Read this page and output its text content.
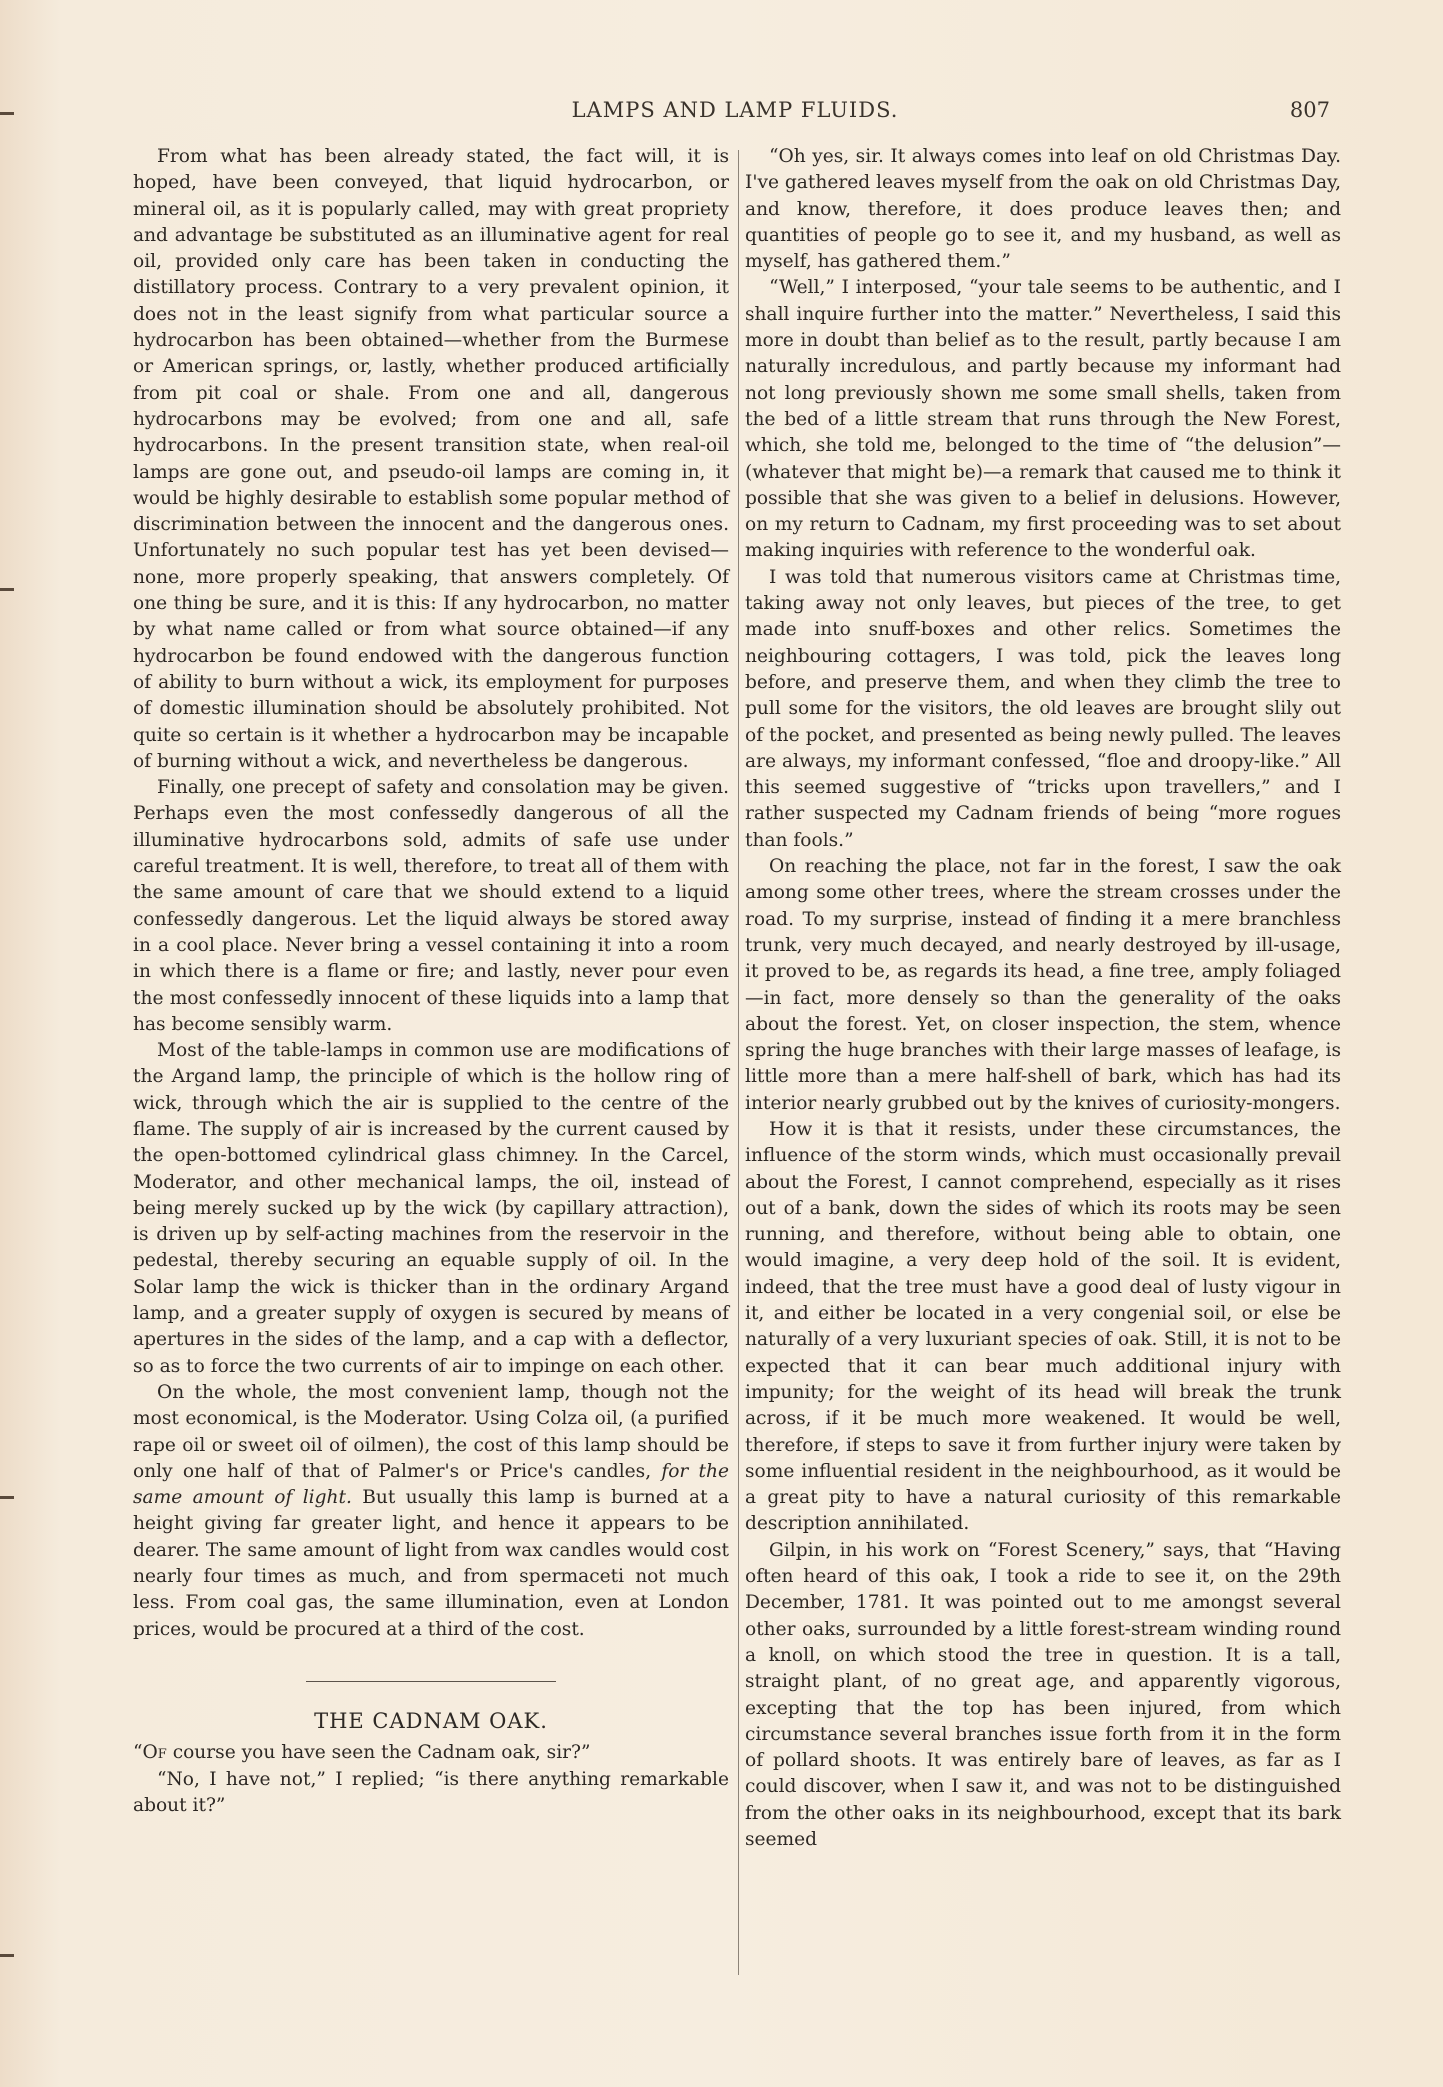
LAMPS AND LAMP FLUIDS.	807

From what has been already stated, the fact will, it is hoped, have been conveyed, that liquid hydrocarbon, or mineral oil, as it is popularly called, may with great propriety and advantage be substituted as an illuminative agent for real oil, provided only care has been taken in conducting the distillatory process. Contrary to a very prevalent opinion, it does not in the least signify from what particular source a hydrocarbon has been obtained—whether from the Burmese or American springs, or, lastly, whether produced artificially from pit coal or shale. From one and all, dangerous hydrocarbons may be evolved; from one and all, safe hydrocarbons. In the present transition state, when real-oil lamps are gone out, and pseudo-oil lamps are coming in, it would be highly desirable to establish some popular method of discrimination between the innocent and the dangerous ones. Unfortunately no such popular test has yet been devised—none, more properly speaking, that answers completely. Of one thing be sure, and it is this: If any hydrocarbon, no matter by what name called or from what source obtained—if any hydrocarbon be found endowed with the dangerous function of ability to burn without a wick, its employment for purposes of domestic illumination should be absolutely prohibited. Not quite so certain is it whether a hydrocarbon may be incapable of burning without a wick, and nevertheless be dangerous.

Finally, one precept of safety and consolation may be given. Perhaps even the most confessedly dangerous of all the illuminative hydrocarbons sold, admits of safe use under careful treatment. It is well, therefore, to treat all of them with the same amount of care that we should extend to a liquid confessedly dangerous. Let the liquid always be stored away in a cool place. Never bring a vessel containing it into a room in which there is a flame or fire; and lastly, never pour even the most confessedly innocent of these liquids into a lamp that has become sensibly warm.

Most of the table-lamps in common use are modifications of the Argand lamp, the principle of which is the hollow ring of wick, through which the air is supplied to the centre of the flame. The supply of air is increased by the current caused by the open-bottomed cylindrical glass chimney. In the Carcel, Moderator, and other mechanical lamps, the oil, instead of being merely sucked up by the wick (by capillary attraction), is driven up by self-acting machines from the reservoir in the pedestal, thereby securing an equable supply of oil. In the Solar lamp the wick is thicker than in the ordinary Argand lamp, and a greater supply of oxygen is secured by means of apertures in the sides of the lamp, and a cap with a deflector, so as to force the two currents of air to impinge on each other.

On the whole, the most convenient lamp, though not the most economical, is the Moderator. Using Colza oil, (a purified rape oil or sweet oil of oilmen), the cost of this lamp should be only one half of that of Palmer's or Price's candles, for the same amount of light. But usually this lamp is burned at a height giving far greater light, and hence it appears to be dearer. The same amount of light from wax candles would cost nearly four times as much, and from spermaceti not much less. From coal gas, the same illumination, even at London prices, would be procured at a third of the cost.

THE CADNAM OAK.

“Of course you have seen the Cadnam oak, sir?”

“No, I have not,” I replied; “is there anything remarkable about it?”

“Oh yes, sir. It always comes into leaf on old Christmas Day. I've gathered leaves myself from the oak on old Christmas Day, and know, therefore, it does produce leaves then; and quantities of people go to see it, and my husband, as well as myself, has gathered them.”

“Well,” I interposed, “your tale seems to be authentic, and I shall inquire further into the matter.” Nevertheless, I said this more in doubt than belief as to the result, partly because I am naturally incredulous, and partly because my informant had not long previously shown me some small shells, taken from the bed of a little stream that runs through the New Forest, which, she told me, belonged to the time of “the delusion”—(whatever that might be)—a remark that caused me to think it possible that she was given to a belief in delusions. However, on my return to Cadnam, my first proceeding was to set about making inquiries with reference to the wonderful oak.

I was told that numerous visitors came at Christmas time, taking away not only leaves, but pieces of the tree, to get made into snuff-boxes and other relics. Sometimes the neighbouring cottagers, I was told, pick the leaves long before, and preserve them, and when they climb the tree to pull some for the visitors, the old leaves are brought slily out of the pocket, and presented as being newly pulled. The leaves are always, my informant confessed, “floe and droopy-like.” All this seemed suggestive of “tricks upon travellers,” and I rather suspected my Cadnam friends of being “more rogues than fools.”

On reaching the place, not far in the forest, I saw the oak among some other trees, where the stream crosses under the road. To my surprise, instead of finding it a mere branchless trunk, very much decayed, and nearly destroyed by ill-usage, it proved to be, as regards its head, a fine tree, amply foliaged—in fact, more densely so than the generality of the oaks about the forest. Yet, on closer inspection, the stem, whence spring the huge branches with their large masses of leafage, is little more than a mere half-shell of bark, which has had its interior nearly grubbed out by the knives of curiosity-mongers.

How it is that it resists, under these circumstances, the influence of the storm winds, which must occasionally prevail about the Forest, I cannot comprehend, especially as it rises out of a bank, down the sides of which its roots may be seen running, and therefore, without being able to obtain, one would imagine, a very deep hold of the soil. It is evident, indeed, that the tree must have a good deal of lusty vigour in it, and either be located in a very congenial soil, or else be naturally of a very luxuriant species of oak. Still, it is not to be expected that it can bear much additional injury with impunity; for the weight of its head will break the trunk across, if it be much more weakened. It would be well, therefore, if steps to save it from further injury were taken by some influential resident in the neighbourhood, as it would be a great pity to have a natural curiosity of this remarkable description annihilated.

Gilpin, in his work on “Forest Scenery,” says, that “Having often heard of this oak, I took a ride to see it, on the 29th December, 1781. It was pointed out to me amongst several other oaks, surrounded by a little forest-stream winding round a knoll, on which stood the tree in question. It is a tall, straight plant, of no great age, and apparently vigorous, excepting that the top has been injured, from which circumstance several branches issue forth from it in the form of pollard shoots. It was entirely bare of leaves, as far as I could discover, when I saw it, and was not to be distinguished from the other oaks in its neighbourhood, except that its bark seemed
